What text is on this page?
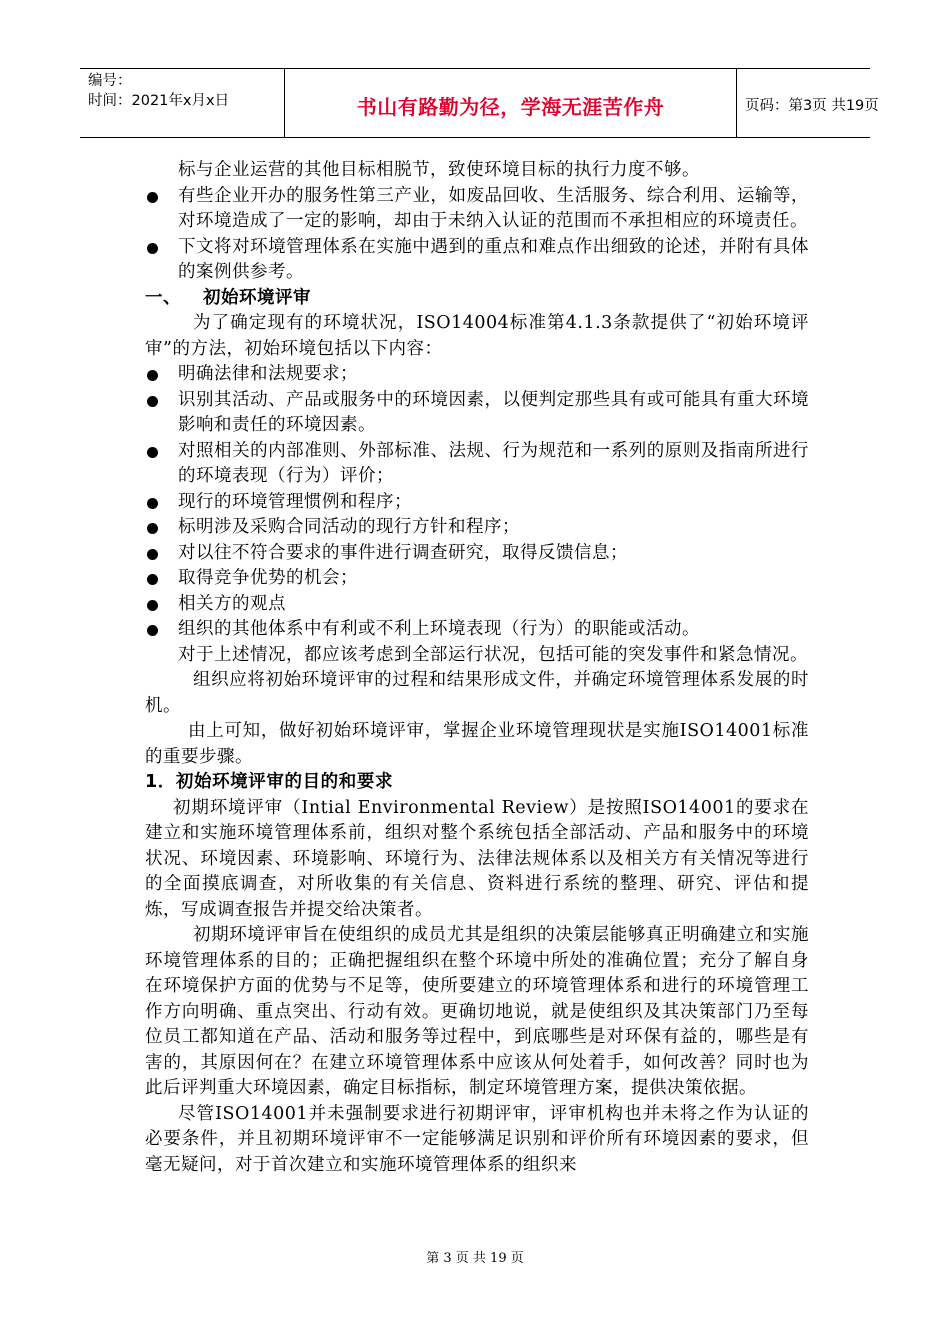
编号：
时间：2021年x月x日	书山有路勤为径，学海无涯苦作舟	页码：第3页 共19页
标与企业运营的其他目标相脱节，致使环境目标的执行力度不够。
有些企业开办的服务性第三产业，如废品回收、生活服务、综合利用、运输等，对环境造成了一定的影响，却由于未纳入认证的范围而不承担相应的环境责任。
下文将对环境管理体系在实施中遇到的重点和难点作出细致的论述，并附有具体的案例供参考。
一、 初始环境评审
为了确定现有的环境状况，ISO14004标准第4.1.3条款提供了“初始环境评审”的方法，初始环境包括以下内容：
明确法律和法规要求；
识别其活动、产品或服务中的环境因素，以便判定那些具有或可能具有重大环境影响和责任的环境因素。
对照相关的内部准则、外部标准、法规、行为规范和一系列的原则及指南所进行的环境表现（行为）评价；
现行的环境管理惯例和程序；
标明涉及采购合同活动的现行方针和程序；
对以往不符合要求的事件进行调查研究，取得反馈信息；
取得竞争优势的机会；
相关方的观点
组织的其他体系中有利或不利上环境表现（行为）的职能或活动。
对于上述情况，都应该考虑到全部运行状况，包括可能的突发事件和紧急情况。
组织应将初始环境评审的过程和结果形成文件，并确定环境管理体系发展的时机。
由上可知，做好初始环境评审，掌握企业环境管理现状是实施ISO14001标准的重要步骤。
1．初始环境评审的目的和要求
初期环境评审（Intial Environmental Review）是按照ISO14001的要求在建立和实施环境管理体系前，组织对整个系统包括全部活动、产品和服务中的环境状况、环境因素、环境影响、环境行为、法律法规体系以及相关方有关情况等进行的全面摸底调查，对所收集的有关信息、资料进行系统的整理、研究、评估和提炼，写成调查报告并提交给决策者。
初期环境评审旨在使组织的成员尤其是组织的决策层能够真正明确建立和实施环境管理体系的目的；正确把握组织在整个环境中所处的准确位置；充分了解自身在环境保护方面的优势与不足等，使所要建立的环境管理体系和进行的环境管理工作方向明确、重点突出、行动有效。更确切地说，就是使组织及其决策部门乃至每位员工都知道在产品、活动和服务等过程中，到底哪些是对环保有益的，哪些是有害的，其原因何在？在建立环境管理体系中应该从何处着手，如何改善？同时也为此后评判重大环境因素，确定目标指标，制定环境管理方案，提供决策依据。
尽管ISO14001并未强制要求进行初期评审，评审机构也并未将之作为认证的必要条件，并且初期环境评审不一定能够满足识别和评价所有环境因素的要求，但毫无疑问，对于首次建立和实施环境管理体系的组织来
第 3 页 共 19 页
